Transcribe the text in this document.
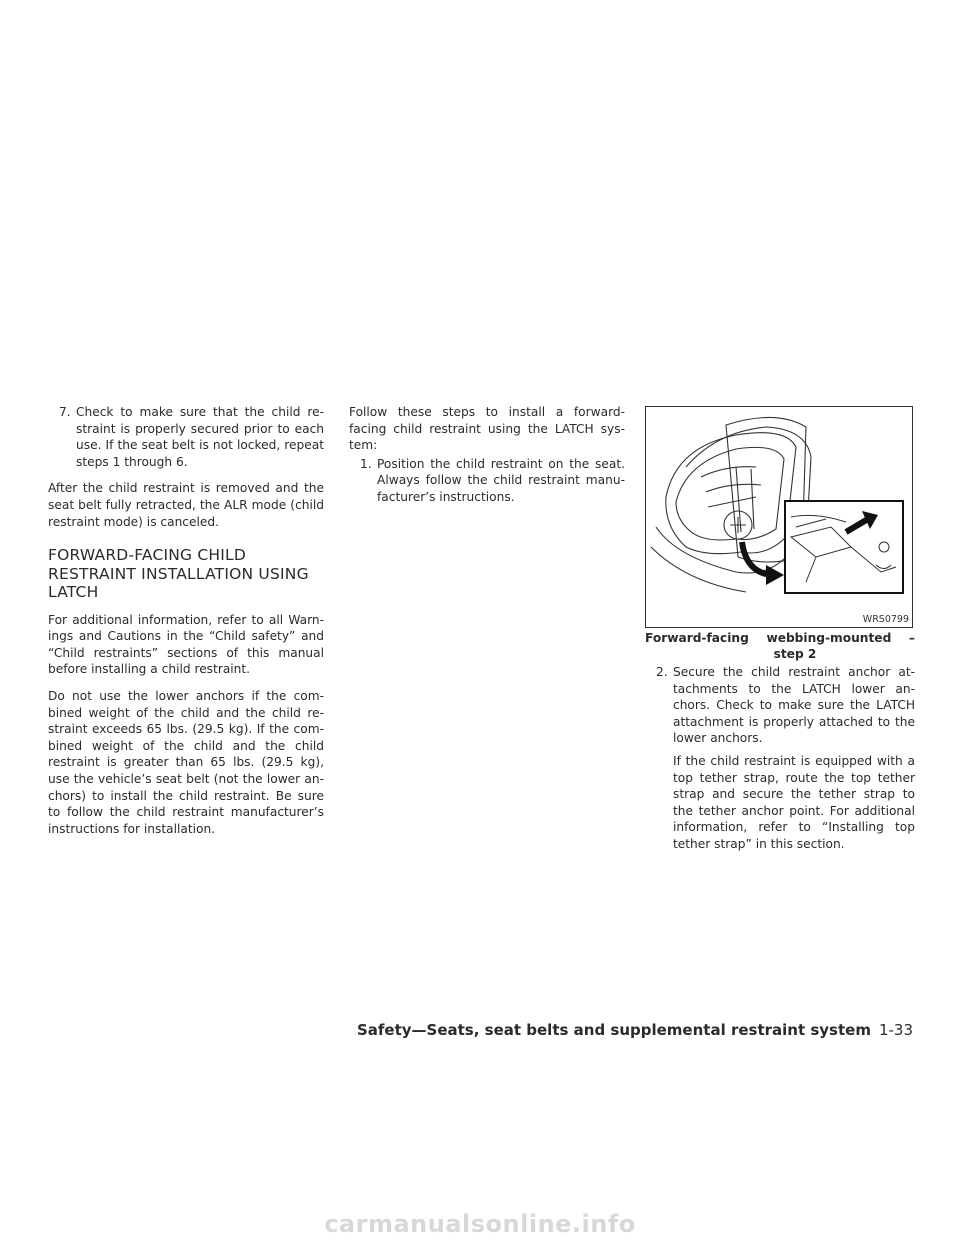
7. Check to make sure that the child re- straint is properly secured prior to each use. If the seat belt is not locked, repeat steps 1 through 6.

After the child restraint is removed and the seat belt fully retracted, the ALR mode (child restraint mode) is canceled.

FORWARD-FACING CHILD RESTRAINT INSTALLATION USING LATCH

For additional information, refer to all Warn- ings and Cautions in the “Child safety” and “Child restraints” sections of this manual before installing a child restraint.

Do not use the lower anchors if the com- bined weight of the child and the child re- straint exceeds 65 lbs. (29.5 kg). If the com- bined weight of the child and the child restraint is greater than 65 lbs. (29.5 kg), use the vehicle’s seat belt (not the lower an- chors) to install the child restraint. Be sure to follow the child restraint manufacturer’s instructions for installation.

Follow these steps to install a forward- facing child restraint using the LATCH sys- tem:

1. Position the child restraint on the seat. Always follow the child restraint manu- facturer’s instructions.
WRS0799
Forward-facing webbing-mounted –
step 2
2. Secure the child restraint anchor at- tachments to the LATCH lower an- chors. Check to make sure the LATCH attachment is properly attached to the lower anchors.

If the child restraint is equipped with a top tether strap, route the top tether strap and secure the tether strap to the tether anchor point. For additional information, refer to “Installing top tether strap” in this section.

Safety—Seats, seat belts and supplemental restraint system 1-33
carmanualsonline.info
